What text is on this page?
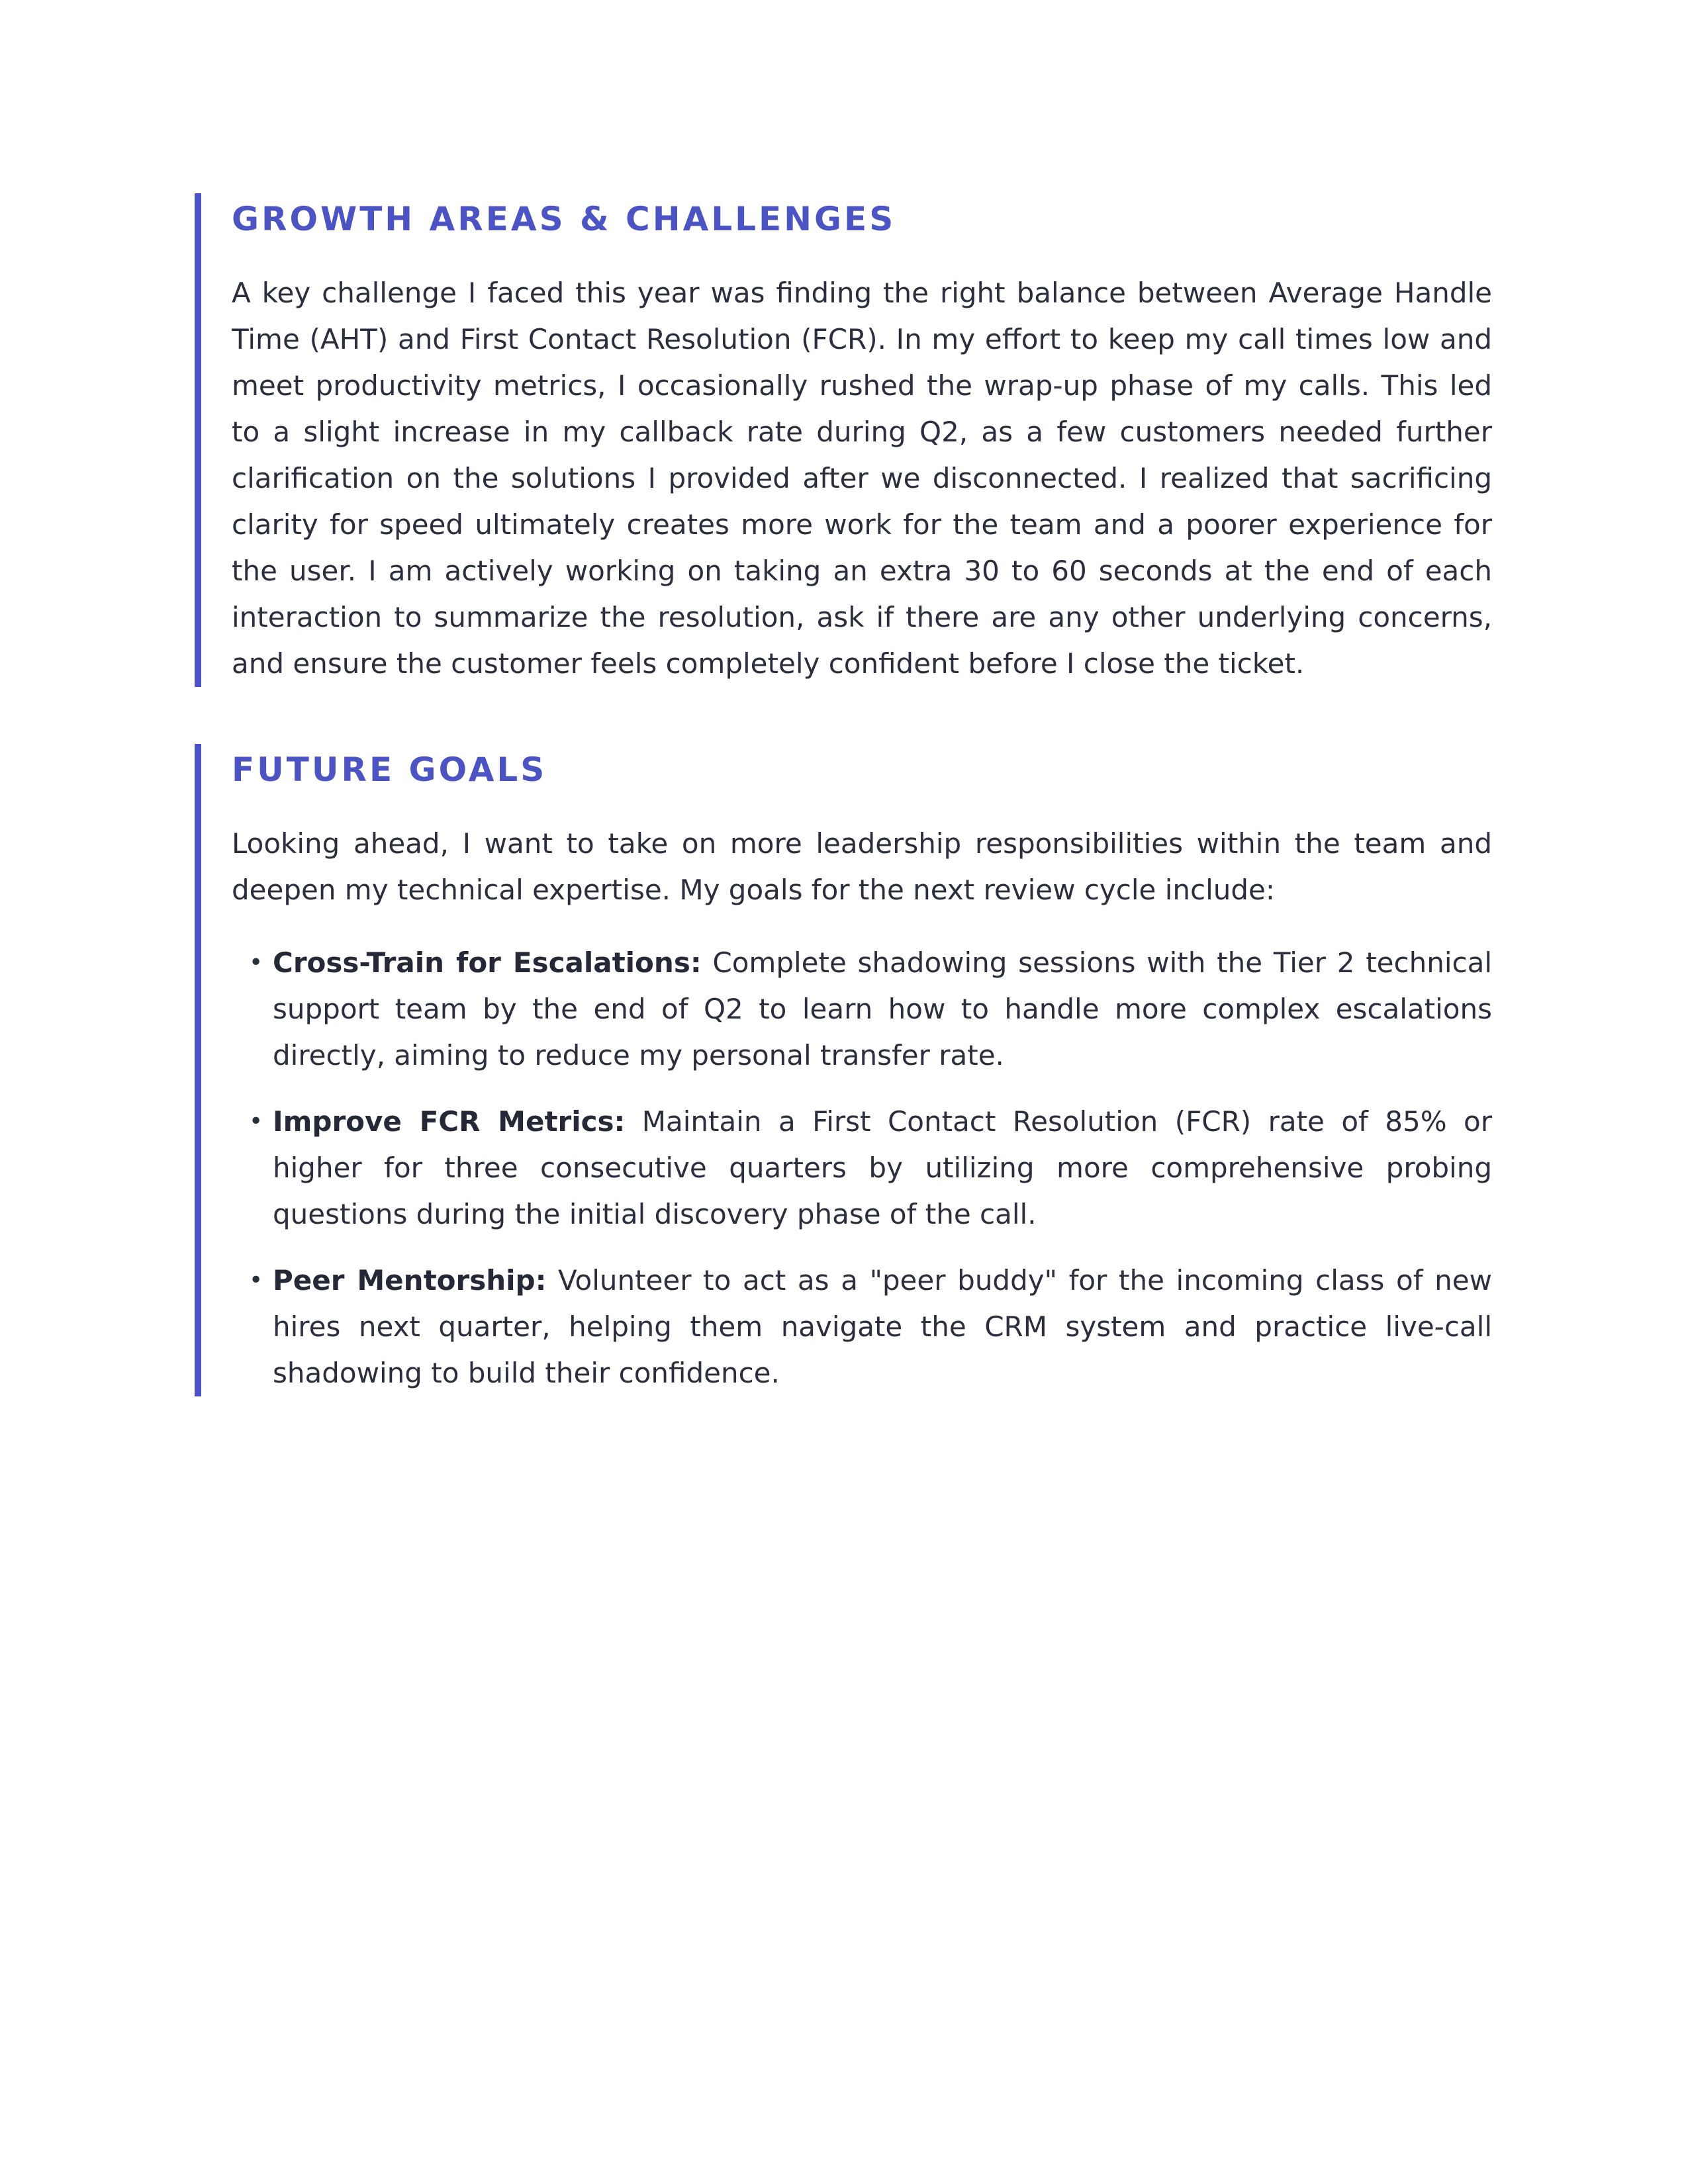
GROWTH AREAS & CHALLENGES

A key challenge I faced this year was finding the right balance between Average Handle Time (AHT) and First Contact Resolution (FCR). In my effort to keep my call times low and meet productivity metrics, I occasionally rushed the wrap-up phase of my calls. This led to a slight increase in my callback rate during Q2, as a few customers needed further clarification on the solutions I provided after we disconnected. I realized that sacrificing clarity for speed ultimately creates more work for the team and a poorer experience for the user. I am actively working on taking an extra 30 to 60 seconds at the end of each interaction to summarize the resolution, ask if there are any other underlying concerns, and ensure the customer feels completely confident before I close the ticket.

FUTURE GOALS

Looking ahead, I want to take on more leadership responsibilities within the team and deepen my technical expertise. My goals for the next review cycle include:

• Cross-Train for Escalations: Complete shadowing sessions with the Tier 2 technical support team by the end of Q2 to learn how to handle more complex escalations directly, aiming to reduce my personal transfer rate.
• Improve FCR Metrics: Maintain a First Contact Resolution (FCR) rate of 85% or higher for three consecutive quarters by utilizing more comprehensive probing questions during the initial discovery phase of the call.
• Peer Mentorship: Volunteer to act as a "peer buddy" for the incoming class of new hires next quarter, helping them navigate the CRM system and practice live-call shadowing to build their confidence.
